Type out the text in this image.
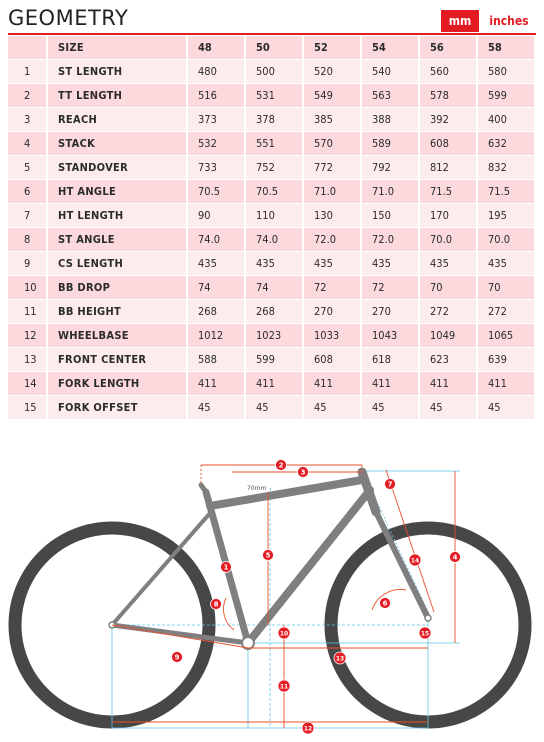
GEOMETRY	mm	inches
	SIZE	48	50	52	54	56	58
1	ST LENGTH	480	500	520	540	560	580
2	TT LENGTH	516	531	549	563	578	599
3	REACH	373	378	385	388	392	400
4	STACK	532	551	570	589	608	632
5	STANDOVER	733	752	772	792	812	832
6	HT ANGLE	70.5	70.5	71.0	71.0	71.5	71.5
7	HT LENGTH	90	110	130	150	170	195
8	ST ANGLE	74.0	74.0	72.0	72.0	70.0	70.0
9	CS LENGTH	435	435	435	435	435	435
10	BB DROP	74	74	72	72	70	70
11	BB HEIGHT	268	268	270	270	272	272
12	WHEELBASE	1012	1023	1033	1043	1049	1065
13	FRONT CENTER	588	599	608	618	623	639
14	FORK LENGTH	411	411	411	411	411	411
15	FORK OFFSET	45	45	45	45	45	45
70mm
1
2
3
4
5
6
7
8
9
10
11
12
13
14
15
